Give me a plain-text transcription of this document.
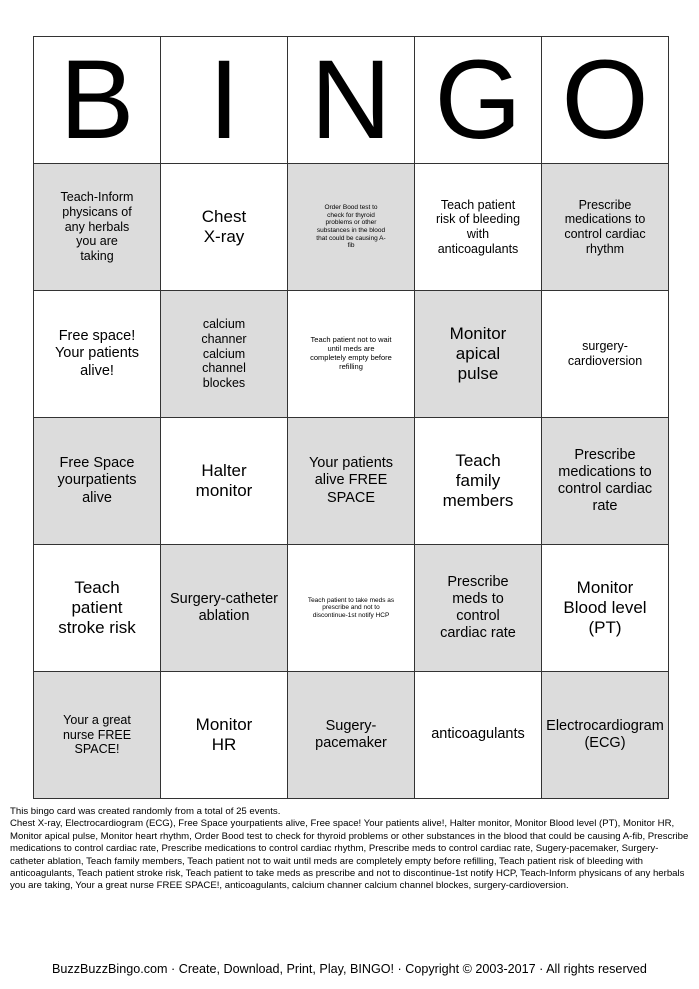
B	I	N	G	O
Teach-Inform physicans of any herbals you are taking	Chest X-ray	Order Bood test to check for thyroid problems or other substances in the blood that could be causing A-fib	Teach patient risk of bleeding with anticoagulants	Prescribe medications to control cardiac rhythm
Free space! Your patients alive!	calcium channer calcium channel blockes	Teach patient not to wait until meds are completely empty before refilling	Monitor apical pulse	surgery-cardioversion
Free Space yourpatients alive	Halter monitor	Your patients alive FREE SPACE	Teach family members	Prescribe medications to control cardiac rate
Teach patient stroke risk	Surgery-catheter ablation	Teach patient to take meds as prescribe and not to discontinue-1st notify HCP	Prescribe meds to control cardiac rate	Monitor Blood level (PT)
Your a great nurse FREE SPACE!	Monitor HR	Sugery-pacemaker	anticoagulants	Electrocardiogram (ECG)

This bingo card was created randomly from a total of 25 events.

Chest X-ray, Electrocardiogram (ECG), Free Space yourpatients alive, Free space! Your patients alive!, Halter monitor, Monitor Blood level (PT), Monitor HR, Monitor apical pulse, Monitor heart rhythm, Order Bood test to check for thyroid problems or other substances in the blood that could be causing A-fib, Prescribe medications to control cardiac rate, Prescribe medications to control cardiac rhythm, Prescribe meds to control cardiac rate, Sugery-pacemaker, Surgery-catheter ablation, Teach family members, Teach patient not to wait until meds are completely empty before refilling, Teach patient risk of bleeding with anticoagulants, Teach patient stroke risk, Teach patient to take meds as prescribe and not to discontinue-1st notify HCP, Teach-Inform physicans of any herbals you are taking, Your a great nurse FREE SPACE!, anticoagulants, calcium channer calcium channel blockes, surgery-cardioversion.

BuzzBuzzBingo.com · Create, Download, Print, Play, BINGO! · Copyright © 2003-2017 · All rights reserved
